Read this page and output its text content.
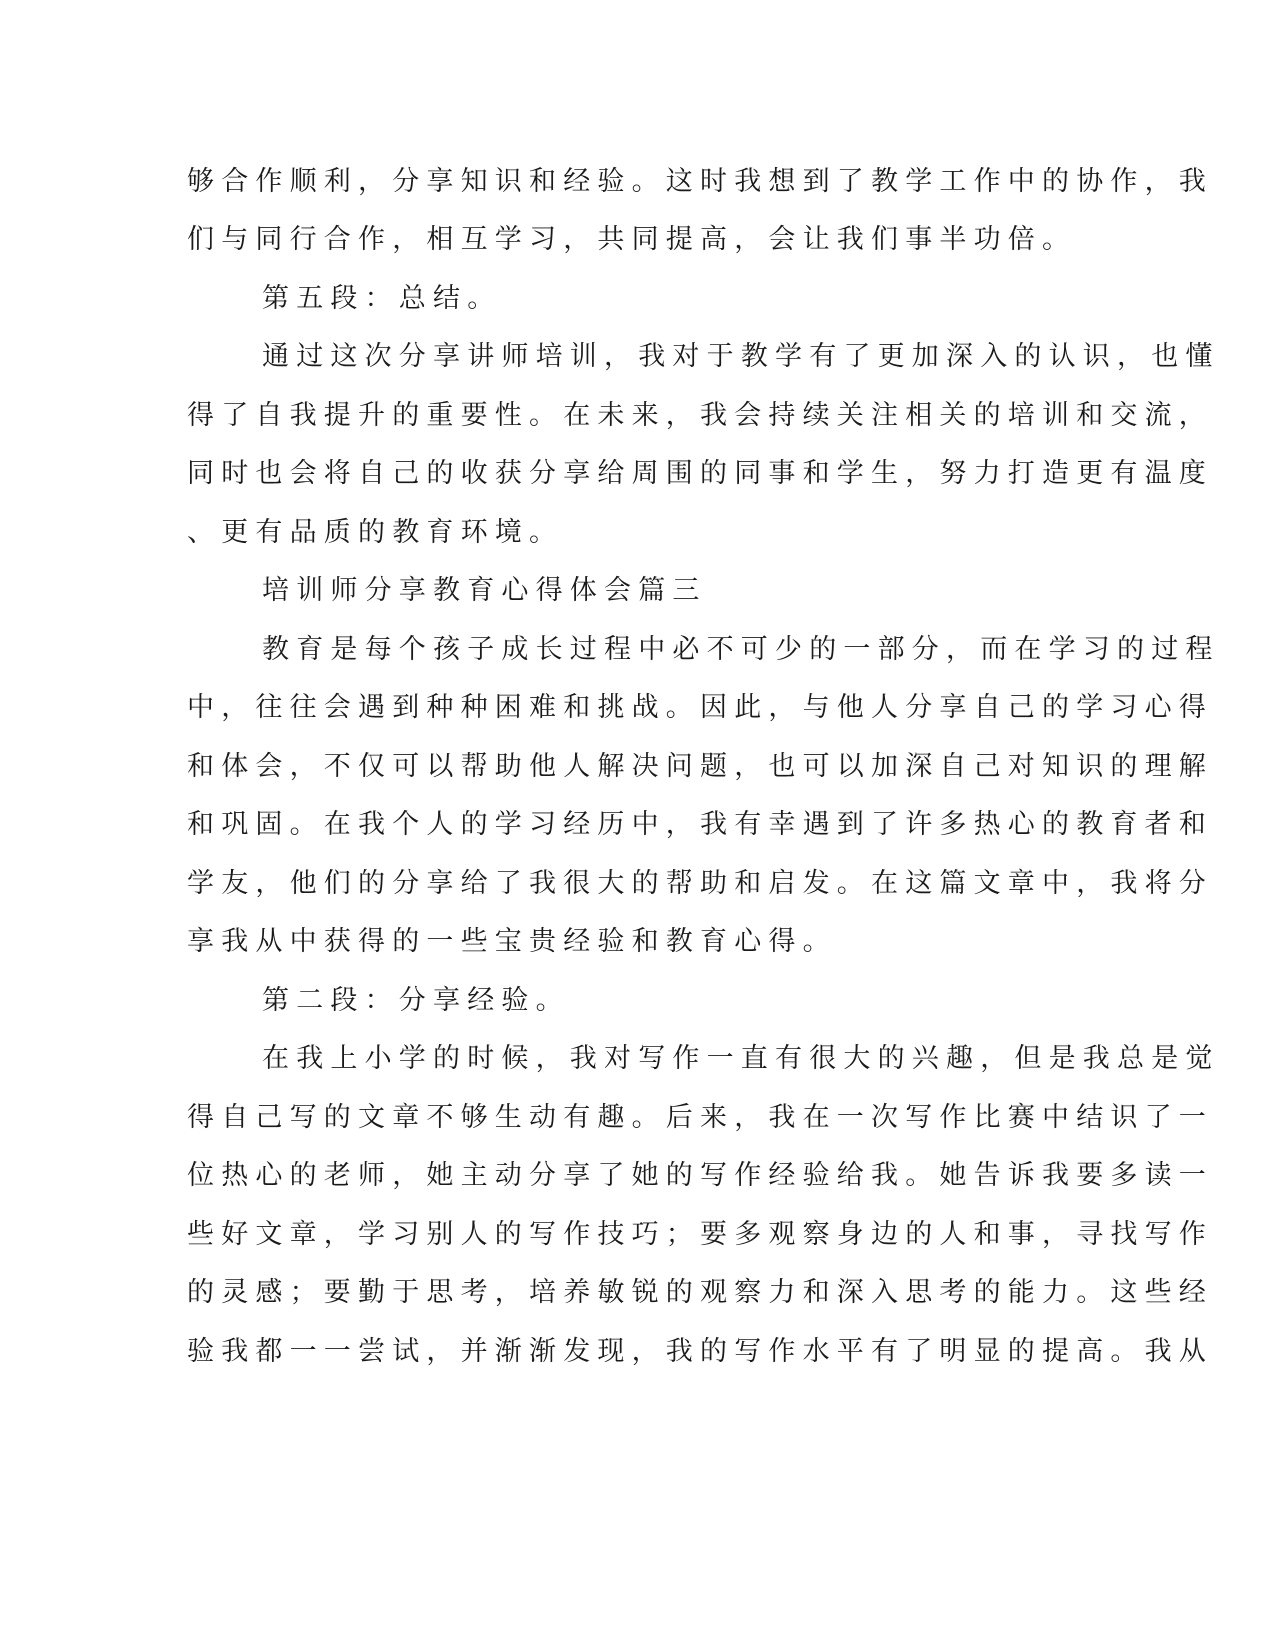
够合作顺利，分享知识和经验。这时我想到了教学工作中的协作，我
们与同行合作，相互学习，共同提高，会让我们事半功倍。
第五段：总结。
通过这次分享讲师培训，我对于教学有了更加深入的认识，也懂
得了自我提升的重要性。在未来，我会持续关注相关的培训和交流，
同时也会将自己的收获分享给周围的同事和学生，努力打造更有温度
、更有品质的教育环境。
培训师分享教育心得体会篇三
教育是每个孩子成长过程中必不可少的一部分，而在学习的过程
中，往往会遇到种种困难和挑战。因此，与他人分享自己的学习心得
和体会，不仅可以帮助他人解决问题，也可以加深自己对知识的理解
和巩固。在我个人的学习经历中，我有幸遇到了许多热心的教育者和
学友，他们的分享给了我很大的帮助和启发。在这篇文章中，我将分
享我从中获得的一些宝贵经验和教育心得。
第二段：分享经验。
在我上小学的时候，我对写作一直有很大的兴趣，但是我总是觉
得自己写的文章不够生动有趣。后来，我在一次写作比赛中结识了一
位热心的老师，她主动分享了她的写作经验给我。她告诉我要多读一
些好文章，学习别人的写作技巧；要多观察身边的人和事，寻找写作
的灵感；要勤于思考，培养敏锐的观察力和深入思考的能力。这些经
验我都一一尝试，并渐渐发现，我的写作水平有了明显的提高。我从
